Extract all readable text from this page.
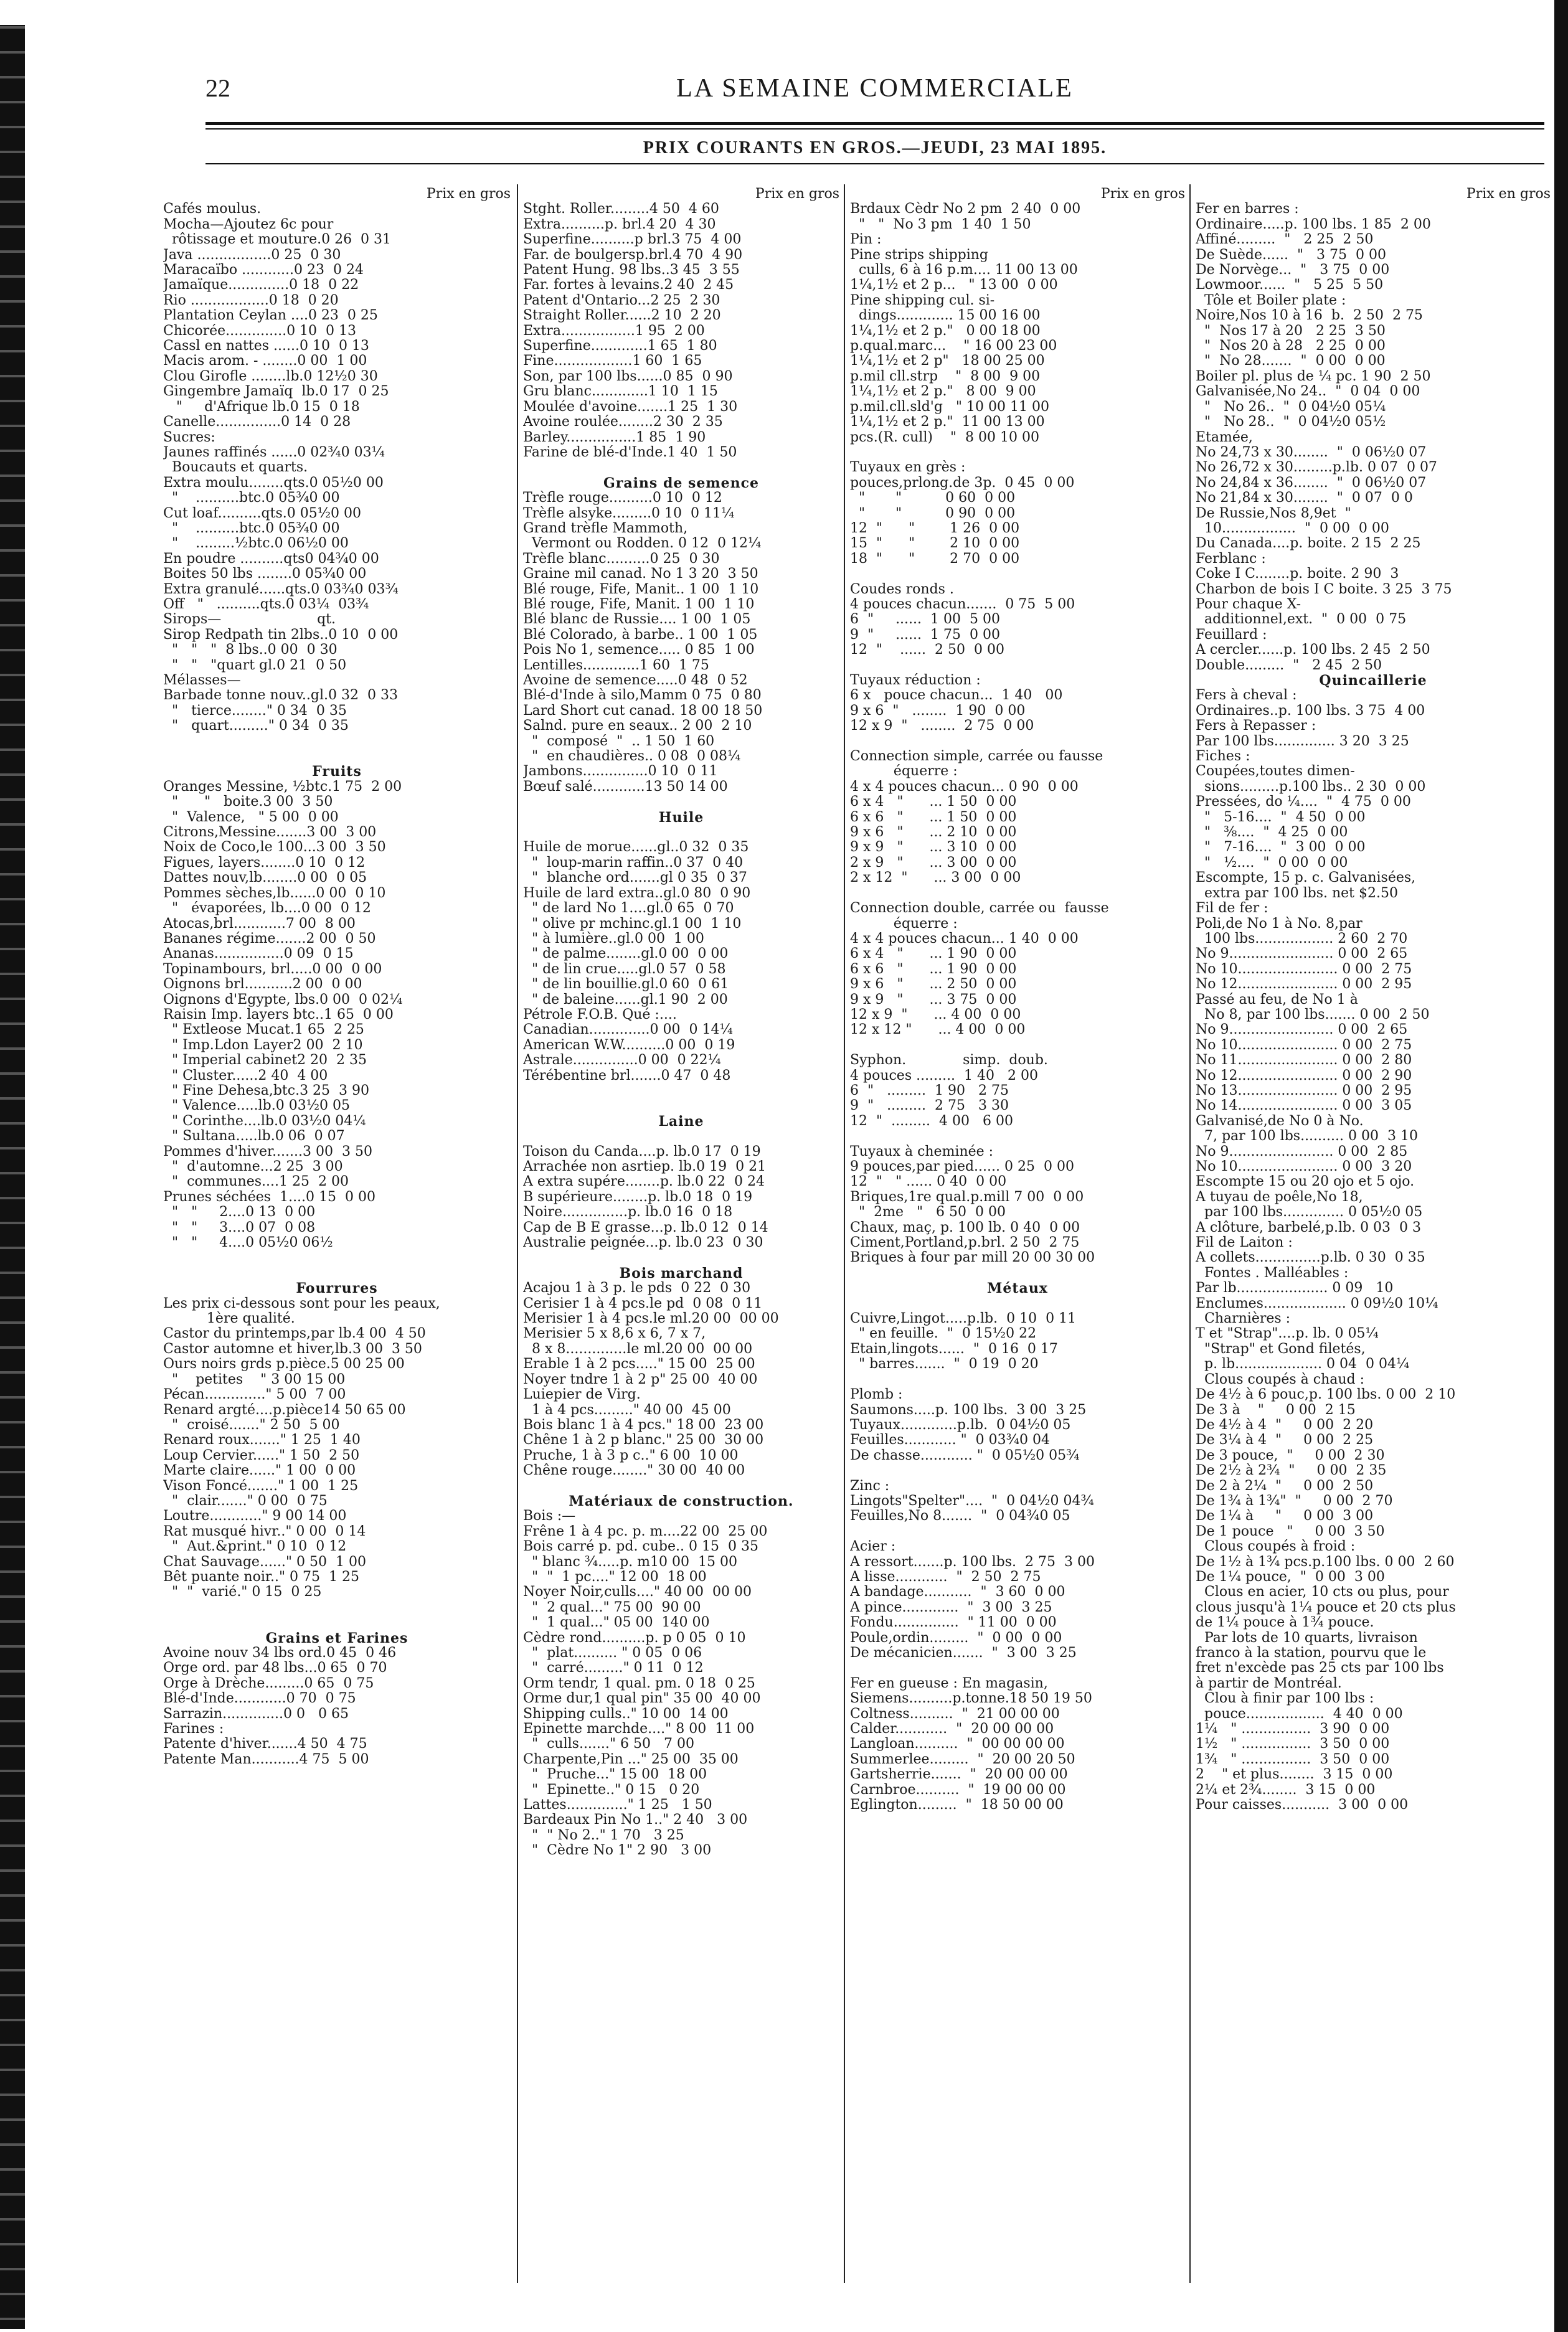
22	LA SEMAINE COMMERCIALE
PRIX COURANTS EN GROS.—JEUDI, 23 MAI 1895.
Prix en gros
Cafés moulus.
Mocha—Ajoutez 6c pour
rôtissage et mouture.0 26  0 31
Java .................0 25  0 30
Maracaïbo ............0 23  0 24
Jamaïque..............0 18  0 22
Rio ..................0 18  0 20
Plantation Ceylan ....0 23  0 25
Chicorée..............0 10  0 13
Cassl en nattes ......0 10  0 13
Macis arom. - ........0 00  1 00
Clou Girofle ........lb.0 12½0 30
Gingembre Jamaïq  lb.0 17  0 25
"     d'Afrique lb.0 15  0 18
Canelle...............0 14  0 28
Sucres:
Jaunes raffinés ......0 02¾0 03¼
Boucauts et quarts.
Extra moulu........qts.0 05½0 00
"    ..........btc.0 05¾0 00
Cut loaf..........qts.0 05½0 00
"    ..........btc.0 05¾0 00
"    .........½btc.0 06½0 00
En poudre ..........qts0 04¾0 00
Boites 50 lbs ........0 05¾0 00
Extra granulé......qts.0 03¾0 03¾
Off   "   ..........qts.0 03¼  03¾
Sirops—                      qt.
Sirop Redpath tin 2lbs..0 10  0 00
"   "   "  8 lbs..0 00  0 30
"   "   "quart gl.0 21  0 50
Mélasses—
Barbade tonne nouv..gl.0 32  0 33
"   tierce........" 0 34  0 35
"   quart........." 0 34  0 35

Fruits
Oranges Messine, ½btc.1 75  2 00
"      "   boite.3 00  3 50
"  Valence,   " 5 00  0 00
Citrons,Messine.......3 00  3 00
Noix de Coco,le 100...3 00  3 50
Figues, layers........0 10  0 12
Dattes nouv,lb........0 00  0 05
Pommes sèches,lb......0 00  0 10
"   évaporées, lb....0 00  0 12
Atocas,brl............7 00  8 00
Bananes régime.......2 00  0 50
Ananas................0 09  0 15
Topinambours, brl.....0 00  0 00
Oignons brl...........2 00  0 00
Oignons d'Egypte, lbs.0 00  0 02¼
Raisin Imp. layers btc..1 65  0 00
" Extleose Mucat.1 65  2 25
" Imp.Ldon Layer2 00  2 10
" Imperial cabinet2 20  2 35
" Cluster......2 40  4 00
" Fine Dehesa,btc.3 25  3 90
" Valence.....lb.0 03½0 05
" Corinthe....lb.0 03½0 04¼
" Sultana.....lb.0 06  0 07
Pommes d'hiver.......3 00  3 50
"  d'automne...2 25  3 00
"  communes....1 25  2 00
Prunes séchées  1....0 15  0 00
"   "     2....0 13  0 00
"   "     3....0 07  0 08
"   "     4....0 05½0 06½

Fourrures
Les prix ci-dessous sont pour les peaux,
1ère qualité.
Castor du printemps,par lb.4 00  4 50
Castor automne et hiver,lb.3 00  3 50
Ours noirs grds p.pièce.5 00 25 00
"    petites    " 3 00 15 00
Pécan.............." 5 00  7 00
Renard argté....p.pièce14 50 65 00
"  croisé......." 2 50  5 00
Renard roux......." 1 25  1 40
Loup Cervier......" 1 50  2 50
Marte claire......" 1 00  0 00
Vison Foncé......." 1 00  1 25
"  clair......." 0 00  0 75
Loutre............" 9 00 14 00
Rat musqué hivr.." 0 00  0 14
"  Aut.&print." 0 10  0 12
Chat Sauvage......" 0 50  1 00
Bêt puante noir.." 0 75  1 25
"  "  varié." 0 15  0 25

Grains et Farines
Avoine nouv 34 lbs ord.0 45  0 46
Orge ord. par 48 lbs...0 65  0 70
Orge à Drèche.........0 65  0 75
Blé-d'Inde............0 70  0 75
Sarrazin..............0 0   0 65
Farines :
Patente d'hiver.......4 50  4 75
Patente Man...........4 75  5 00
Prix en gros
Stght. Roller.........4 50  4 60
Extra..........p. brl.4 20  4 30
Superfine..........p brl.3 75  4 00
Far. de boulgersp.brl.4 70  4 90
Patent Hung. 98 lbs..3 45  3 55
Far. fortes à levains.2 40  2 45
Patent d'Ontario...2 25  2 30
Straight Roller......2 10  2 20
Extra.................1 95  2 00
Superfine.............1 65  1 80
Fine..................1 60  1 65
Son, par 100 lbs......0 85  0 90
Gru blanc.............1 10  1 15
Moulée d'avoine.......1 25  1 30
Avoine roulée........2 30  2 35
Barley................1 85  1 90
Farine de blé-d'Inde.1 40  1 50

Grains de semence
Trèfle rouge..........0 10  0 12
Trèfle alsyke.........0 10  0 11¼
Grand trèfle Mammoth,
Vermont ou Rodden. 0 12  0 12¼
Trèfle blanc..........0 25  0 30
Graine mil canad. No 1 3 20  3 50
Blé rouge, Fife, Manit.. 1 00  1 10
Blé rouge, Fife, Manit. 1 00  1 10
Blé blanc de Russie.... 1 00  1 05
Blé Colorado, à barbe.. 1 00  1 05
Pois No 1, semence..... 0 85  1 00
Lentilles.............1 60  1 75
Avoine de semence.....0 48  0 52
Blé-d'Inde à silo,Mamm 0 75  0 80
Lard Short cut canad. 18 00 18 50
Salnd. pure en seaux.. 2 00  2 10
"  composé  "  .. 1 50  1 60
"  en chaudières.. 0 08  0 08¼
Jambons...............0 10  0 11
Bœuf salé............13 50 14 00

Huile

Huile de morue......gl..0 32  0 35
"  loup-marin raffin..0 37  0 40
"  blanche ord.......gl 0 35  0 37
Huile de lard extra..gl.0 80  0 90
" de lard No 1....gl.0 65  0 70
" olive pr mchinc.gl.1 00  1 10
" à lumière..gl.0 00  1 00
" de palme........gl.0 00  0 00
" de lin crue.....gl.0 57  0 58
" de lin bouillie.gl.0 60  0 61
" de baleine......gl.1 90  2 00
Pétrole F.O.B. Qué :....
Canadian..............0 00  0 14¼
American W.W..........0 00  0 19
Astrale...............0 00  0 22¼
Térébentine brl.......0 47  0 48

Laine

Toison du Canda....p. lb.0 17  0 19
Arrachée non asrtiep. lb.0 19  0 21
A extra supére........p. lb.0 22  0 24
B supérieure........p. lb.0 18  0 19
Noire...............p. lb.0 16  0 18
Cap de B E grasse...p. lb.0 12  0 14
Australie peignée...p. lb.0 23  0 30

Bois marchand
Acajou 1 à 3 p. le pds  0 22  0 30
Cerisier 1 à 4 pcs.le pd  0 08  0 11
Merisier 1 à 4 pcs.le ml.20 00  00 00
Merisier 5 x 8,6 x 6, 7 x 7,
8 x 8..............le ml.20 00  00 00
Erable 1 à 2 pcs....." 15 00  25 00
Noyer tndre 1 à 2 p" 25 00  40 00
Luiepier de Virg.
1 à 4 pcs........." 40 00  45 00
Bois blanc 1 à 4 pcs." 18 00  23 00
Chêne 1 à 2 p blanc." 25 00  30 00
Pruche, 1 à 3 p c.." 6 00  10 00
Chêne rouge........" 30 00  40 00

Matériaux de construction.
Bois :—
Frêne 1 à 4 pc. p. m....22 00  25 00
Bois carré p. pd. cube.. 0 15  0 35
" blanc ¾.....p. m10 00  15 00
"  "  1 pc...." 12 00  18 00
Noyer Noir,culls...." 40 00  00 00
"  2 qual..." 75 00  90 00
"  1 qual..." 05 00  140 00
Cèdre rond..........p. p 0 05  0 10
"  plat.......... " 0 05  0 06
"  carré........." 0 11  0 12
Orm tendr, 1 qual. pm. 0 18  0 25
Orme dur,1 qual pin" 35 00  40 00
Shipping culls.." 10 00  14 00
Epinette marchde...." 8 00  11 00
"  culls......." 6 50   7 00
Charpente,Pin ..." 25 00  35 00
"  Pruche..." 15 00  18 00
"  Epinette.." 0 15   0 20
Lattes.............." 1 25   1 50
Bardeaux Pin No 1.." 2 40   3 00
"  " No 2.." 1 70   3 25
"  Cèdre No 1" 2 90   3 00
Prix en gros
Brdaux Cèdr No 2 pm  2 40  0 00
"   "  No 3 pm  1 40  1 50
Pin :
Pine strips shipping
culls, 6 à 16 p.m.... 11 00 13 00
1¼,1½ et 2 p...   " 13 00  0 00
Pine shipping cul. si-
dings............. 15 00 16 00
1¼,1½ et 2 p."   0 00 18 00
p.qual.marc...    " 16 00 23 00
1¼,1½ et 2 p"   18 00 25 00
p.mil cll.strp    "  8 00  9 00
1¼,1½ et 2 p."   8 00  9 00
p.mil.cll.sld'g   " 10 00 11 00
1¼,1½ et 2 p."  11 00 13 00
pcs.(R. cull)    "  8 00 10 00

Tuyaux en grès :
pouces,prlong.de 3p.  0 45  0 00
"       "          0 60  0 00
"       "          0 90  0 00
12  "      "        1 26  0 00
15  "      "        2 10  0 00
18  "      "        2 70  0 00

Coudes ronds .
4 pouces chacun.......  0 75  5 00
6  "     ......  1 00  5 00
9  "     ......  1 75  0 00
12  "    ......  2 50  0 00

Tuyaux réduction :
6 x   pouce chacun...  1 40   00
9 x 6  "   ........  1 90  0 00
12 x 9  "   ........  2 75  0 00

Connection simple, carrée ou fausse
équerre :
4 x 4 pouces chacun... 0 90  0 00
6 x 4   "      ... 1 50  0 00
6 x 6   "      ... 1 50  0 00
9 x 6   "      ... 2 10  0 00
9 x 9   "      ... 3 10  0 00
2 x 9   "      ... 3 00  0 00
2 x 12  "      ... 3 00  0 00

Connection double, carrée ou  fausse
équerre :
4 x 4 pouces chacun... 1 40  0 00
6 x 4   "      ... 1 90  0 00
6 x 6   "      ... 1 90  0 00
9 x 6   "      ... 2 50  0 00
9 x 9   "      ... 3 75  0 00
12 x 9  "      ... 4 00  0 00
12 x 12 "      ... 4 00  0 00

Syphon.             simp.  doub.
4 pouces .........  1 40   2 00
6  "   .........  1 90   2 75
9  "   .........  2 75   3 30
12  "  .........  4 00   6 00

Tuyaux à cheminée :
9 pouces,par pied...... 0 25  0 00
12  "   " ...... 0 40  0 00
Briques,1re qual.p.mill 7 00  0 00
"  2me   "   6 50  0 00
Chaux, maç, p. 100 lb. 0 40  0 00
Ciment,Portland,p.brl. 2 50  2 75
Briques à four par mill 20 00 30 00

Métaux

Cuivre,Lingot.....p.lb.  0 10  0 11
" en feuille.  "  0 15½0 22
Etain,lingots......  "  0 16  0 17
" barres.......  "  0 19  0 20

Plomb :
Saumons.....p. 100 lbs.  3 00  3 25
Tuyaux.............p.lb.  0 04½0 05
Feuilles............ "  0 03¾0 04
De chasse............ "  0 05½0 05¾

Zinc :
Lingots"Spelter"....  "  0 04½0 04¾
Feuilles,No 8.......  "  0 04¾0 05

Acier :
A ressort.......p. 100 lbs.  2 75  3 00
A lisse............  "  2 50  2 75
A bandage...........  "  3 60  0 00
A pince.............  "  3 00  3 25
Fondu...............  " 11 00  0 00
Poule,ordin.........  "  0 00  0 00
De mécanicien.......  "  3 00  3 25

Fer en gueuse : En magasin,
Siemens..........p.tonne.18 50 19 50
Coltness..........  "  21 00 00 00
Calder............  "  20 00 00 00
Langloan..........  "  00 00 00 00
Summerlee.........  "  20 00 20 50
Gartsherrie.......  "  20 00 00 00
Carnbroe..........  "  19 00 00 00
Eglington.........  "  18 50 00 00
Prix en gros
Fer en barres :
Ordinaire.....p. 100 lbs. 1 85  2 00
Affiné.........  "   2 25  2 50
De Suède......  "   3 75  0 00
De Norvège...  "   3 75  0 00
Lowmoor......  "   5 25  5 50
Tôle et Boiler plate :
Noire,Nos 10 à 16  b.  2 50  2 75
"  Nos 17 à 20   2 25  3 50
"  Nos 20 à 28   2 25  0 00
"  No 28.......  "  0 00  0 00
Boiler pl. plus de ¼ pc. 1 90  2 50
Galvanisée,No 24..  "  0 04  0 00
"   No 26..  "  0 04½0 05¼
"   No 28..  "  0 04½0 05½
Etamée,
No 24,73 x 30........  "  0 06½0 07
No 26,72 x 30.........p.lb. 0 07  0 07
No 24,84 x 36........  "  0 06½0 07
No 21,84 x 30........  "  0 07  0 0
De Russie,Nos 8,9et  "
10.................  "  0 00  0 00
Du Canada....p. boite. 2 15  2 25
Ferblanc :
Coke I C........p. boite. 2 90  3
Charbon de bois I C boite. 3 25  3 75
Pour chaque X-
additionnel,ext.  "  0 00  0 75
Feuillard :
A cercler......p. 100 lbs. 2 45  2 50
Double.........  "   2 45  2 50
Quincaillerie
Fers à cheval :
Ordinaires..p. 100 lbs. 3 75  4 00
Fers à Repasser :
Par 100 lbs.............. 3 20  3 25
Fiches :
Coupées,toutes dimen-
sions.........p.100 lbs.. 2 30  0 00
Pressées, do ¼....  "  4 75  0 00
"   5-16....  "  4 50  0 00
"   ⅜....  "  4 25  0 00
"   7-16....  "  3 00  0 00
"   ½....  "  0 00  0 00
Escompte, 15 p. c. Galvanisées,
extra par 100 lbs. net $2.50
Fil de fer :
Poli,de No 1 à No. 8,par
100 lbs.................. 2 60  2 70
No 9........................ 0 00  2 65
No 10....................... 0 00  2 75
No 12....................... 0 00  2 95
Passé au feu, de No 1 à
No 8, par 100 lbs....... 0 00  2 50
No 9........................ 0 00  2 65
No 10....................... 0 00  2 75
No 11....................... 0 00  2 80
No 12....................... 0 00  2 90
No 13....................... 0 00  2 95
No 14....................... 0 00  3 05
Galvanisé,de No 0 à No.
7, par 100 lbs.......... 0 00  3 10
No 9........................ 0 00  2 85
No 10....................... 0 00  3 20
Escompte 15 ou 20 ojo et 5 ojo.
A tuyau de poêle,No 18,
par 100 lbs.............. 0 05½0 05
A clôture, barbelé,p.lb. 0 03  0 3
Fil de Laiton :
A collets...............p.lb. 0 30  0 35
Fontes . Malléables :
Par lb..................... 0 09   10
Enclumes................... 0 09½0 10¼
Charnières :
T et "Strap"....p. lb. 0 05¼
"Strap" et Gond filetés,
p. lb.................... 0 04  0 04¼
Clous coupés à chaud :
De 4½ à 6 pouc,p. 100 lbs. 0 00  2 10
De 3 à    "     0 00  2 15
De 4½ à 4  "     0 00  2 20
De 3¼ à 4  "     0 00  2 25
De 3 pouce,  "     0 00  2 30
De 2½ à 2¾  "     0 00  2 35
De 2 à 2¼  "     0 00  2 50
De 1¾ à 1¾"  "     0 00  2 70
De 1¼ à     "     0 00  3 00
De 1 pouce   "     0 00  3 50
Clous coupés à froid :
De 1½ à 1¾ pcs.p.100 lbs. 0 00  2 60
De 1¼ pouce,  "  0 00  3 00
Clous en acier, 10 cts ou plus, pour
clous jusqu'à 1¼ pouce et 20 cts plus
de 1¼ pouce à 1¾ pouce.
Par lots de 10 quarts, livraison
franco à la station, pourvu que le
fret n'excède pas 25 cts par 100 lbs
à partir de Montréal.
Clou à finir par 100 lbs :
pouce..................  4 40  0 00
1¼   " ................  3 90  0 00
1½   " ................  3 50  0 00
1¾   " ................  3 50  0 00
2    " et plus........  3 15  0 00
2¼ et 2¾........  3 15  0 00
Pour caisses...........  3 00  0 00
